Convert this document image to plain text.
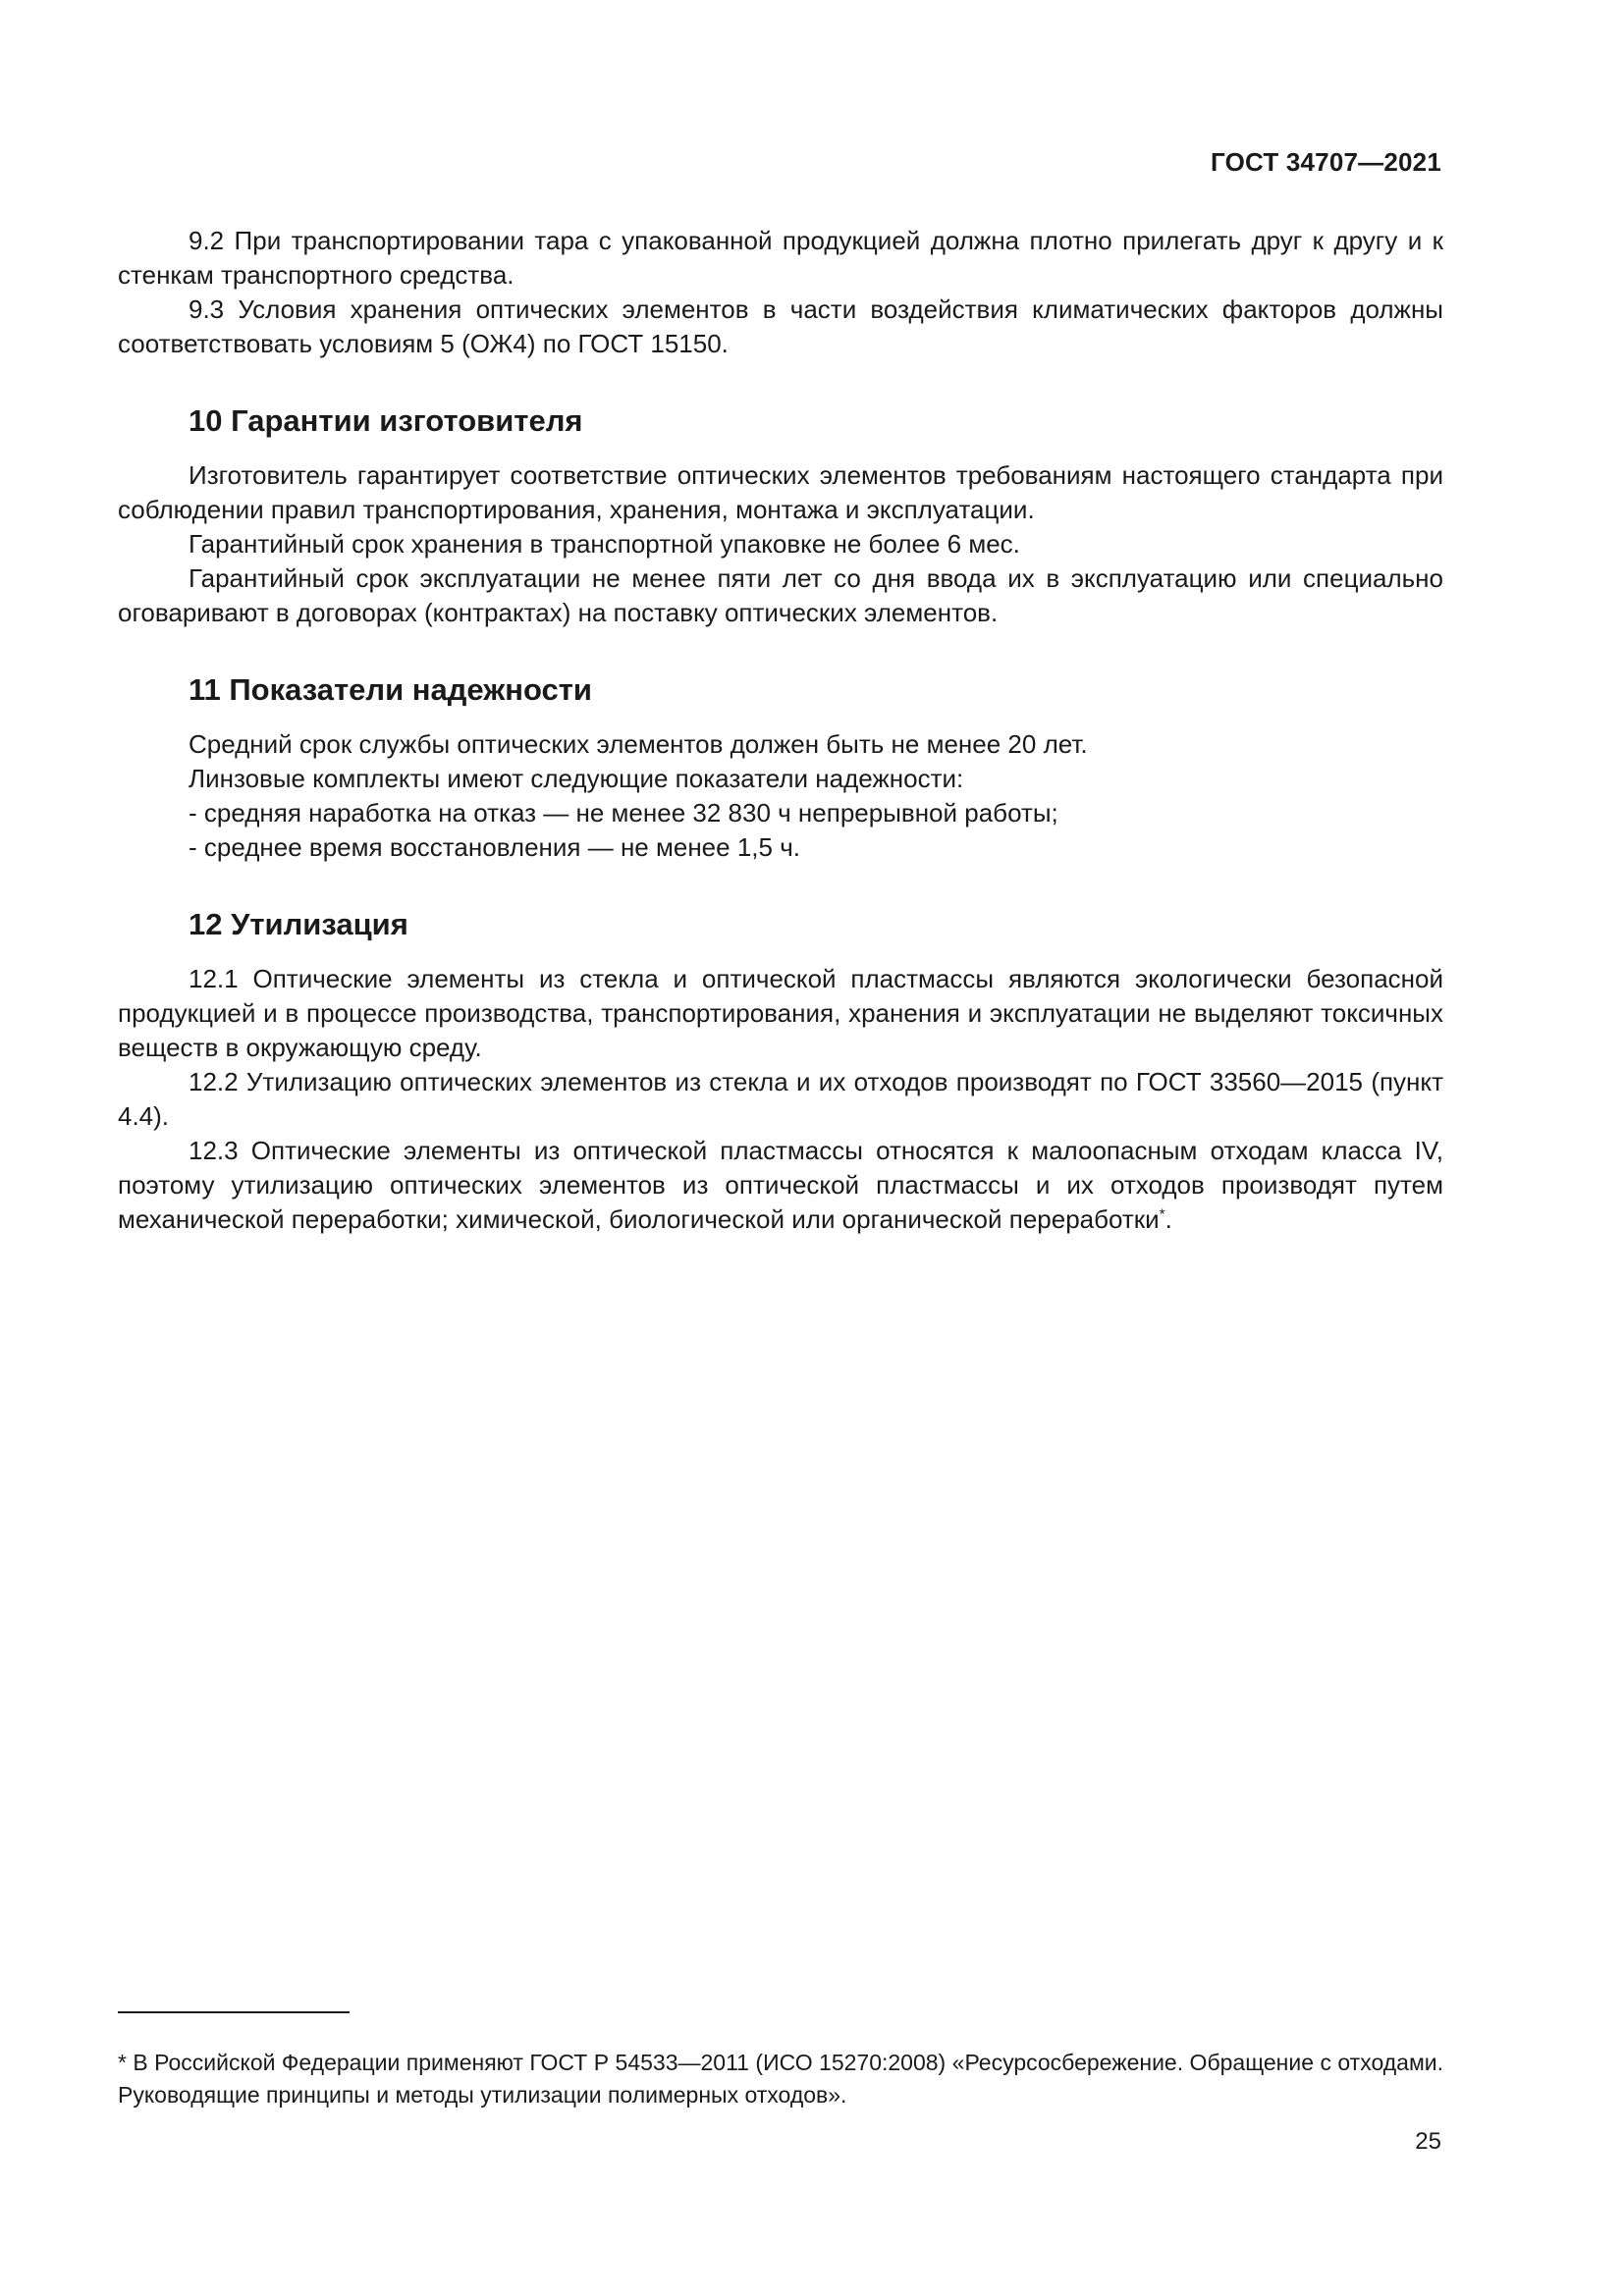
ГОСТ 34707—2021

9.2 При транспортировании тара с упакованной продукцией должна плотно прилегать друг к другу и к стенкам транспортного средства.

9.3 Условия хранения оптических элементов в части воздействия климатических факторов должны соответствовать условиям 5 (ОЖ4) по ГОСТ 15150.

10 Гарантии изготовителя

Изготовитель гарантирует соответствие оптических элементов требованиям настоящего стандарта при соблюдении правил транспортирования, хранения, монтажа и эксплуатации.

Гарантийный срок хранения в транспортной упаковке не более 6 мес.

Гарантийный срок эксплуатации не менее пяти лет со дня ввода их в эксплуатацию или специально оговаривают в договорах (контрактах) на поставку оптических элементов.

11 Показатели надежности

Средний срок службы оптических элементов должен быть не менее 20 лет.

Линзовые комплекты имеют следующие показатели надежности:

- средняя наработка на отказ — не менее 32 830 ч непрерывной работы;

- среднее время восстановления — не менее 1,5 ч.

12 Утилизация

12.1 Оптические элементы из стекла и оптической пластмассы являются экологически безопасной продукцией и в процессе производства, транспортирования, хранения и эксплуатации не выделяют токсичных веществ в окружающую среду.

12.2 Утилизацию оптических элементов из стекла и их отходов производят по ГОСТ 33560—2015 (пункт 4.4).

12.3 Оптические элементы из оптической пластмассы относятся к малоопасным отходам класса IV, поэтому утилизацию оптических элементов из оптической пластмассы и их отходов производят путем механической переработки; химической, биологической или органической переработки*.

* В Российской Федерации применяют ГОСТ Р 54533—2011 (ИСО 15270:2008) «Ресурсосбережение. Обращение с отходами. Руководящие принципы и методы утилизации полимерных отходов».

25
